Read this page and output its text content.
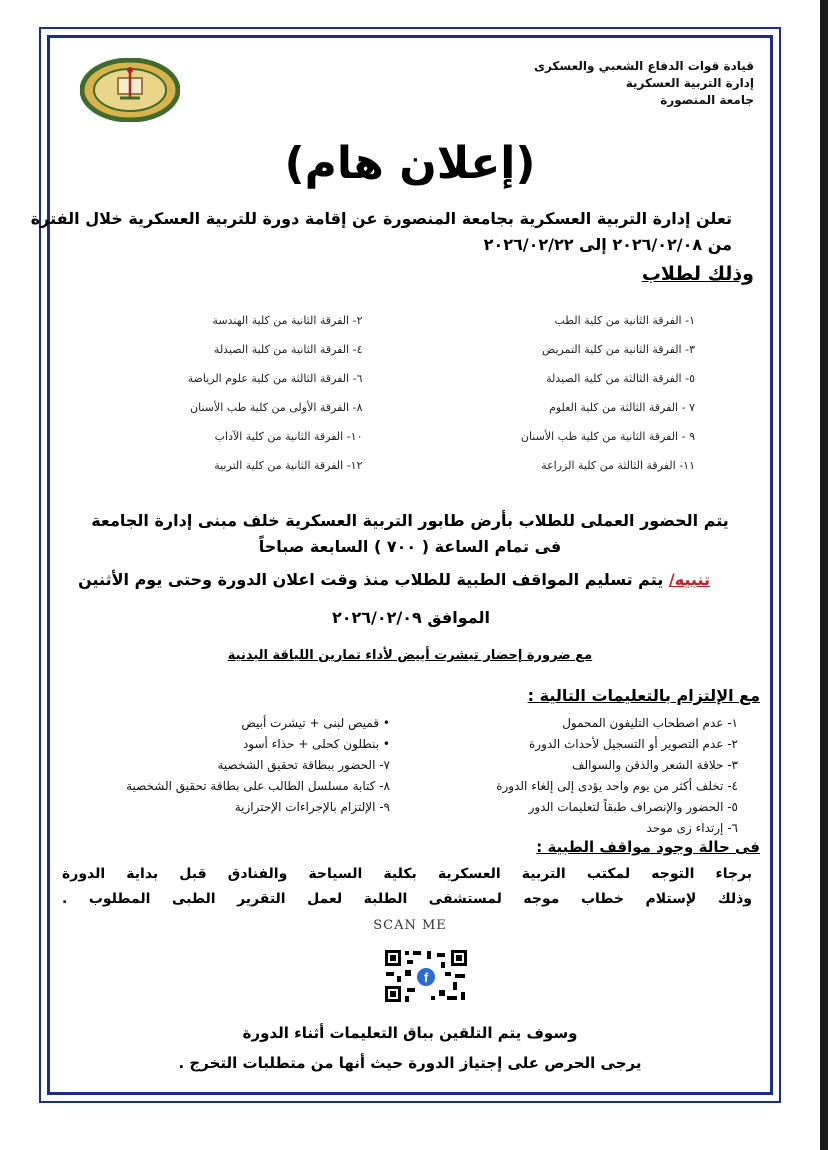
قيادة قوات الدفاع الشعبي والعسكرى
إدارة التربية العسكرية
جامعة المنصورة
(إعلان هام)
تعلن إدارة التربية العسكرية بجامعة المنصورة عن إقامة دورة للتربية العسكرية خلال الفترة
من ٢٠٢٦/٠٢/٠٨ إلى ٢٠٢٦/٠٢/٢٢
وذلك لطلاب
١- الفرقة الثانية من كلية الطب
٢- الفرقة الثانية من كلية الهندسة
٣- الفرقة الثانية من كلية التمريض
٤- الفرقة الثانية من كلية الصيدلة
٥- الفرقة الثالثة من كلية الصيدلة
٦- الفرقة الثالثة من كلية علوم الرياضة
٧ - الفرقة الثالثة من كلية العلوم
٨- الفرقة الأولى من كلية طب الأسنان
٩ - الفرقة الثانية من كلية طب الأسنان
١٠- الفرقة الثانية من كلية الآداب
١١- الفرقة الثالثة من كلية الزراعة
١٢- الفرقة الثانية من كلية التربية
يتم الحضور العملى للطلاب بأرض طابور التربية العسكرية خلف مبنى إدارة الجامعة
فى تمام الساعة ( ٧٠٠ ) السابعة صباحاً
تنبيه/ يتم تسليم المواقف الطبية للطلاب منذ وقت اعلان الدورة وحتى يوم الأثنين
الموافق ٢٠٢٦/٠٢/٠٩
مع ضرورة إحضار تيشرت أبيض لأداء تمارين اللياقة البدنية
مع الإلتزام بالتعليمات التالية :
١- عدم اصطحاب التليفون المحمول
٢- عدم التصوير أو التسجيل لأحداث الدورة
٣- حلاقة الشعر والذقن والسوالف
٤- تخلف أكثر من يوم واحد يؤدى إلى إلغاء الدورة
٥- الحضور والإنصراف طبقاً لتعليمات الدور
٦- إرتداء زى موحد
• قميص لبنى + تيشرت أبيض
• بنطلون كحلى + حذاء أسود
٧- الحضور ببطاقة تحقيق الشخصية
٨- كتابة مسلسل الطالب على بطاقة تحقيق الشخصية
٩- الإلتزام بالإجراءات الإحترازية
فى حالة وجود مواقف الطبية :
برجاء التوجه لمكتب التربية العسكرية بكلية السياحة والفنادق قبل بداية الدورة
وذلك لإستلام خطاب موجه لمستشفى الطلبة لعمل التقرير الطبى المطلوب .
SCAN ME
f
وسوف يتم التلقين بباق التعليمات أثناء الدورة
يرجى الحرص على إجتياز الدورة حيث أنها من متطلبات التخرج .
